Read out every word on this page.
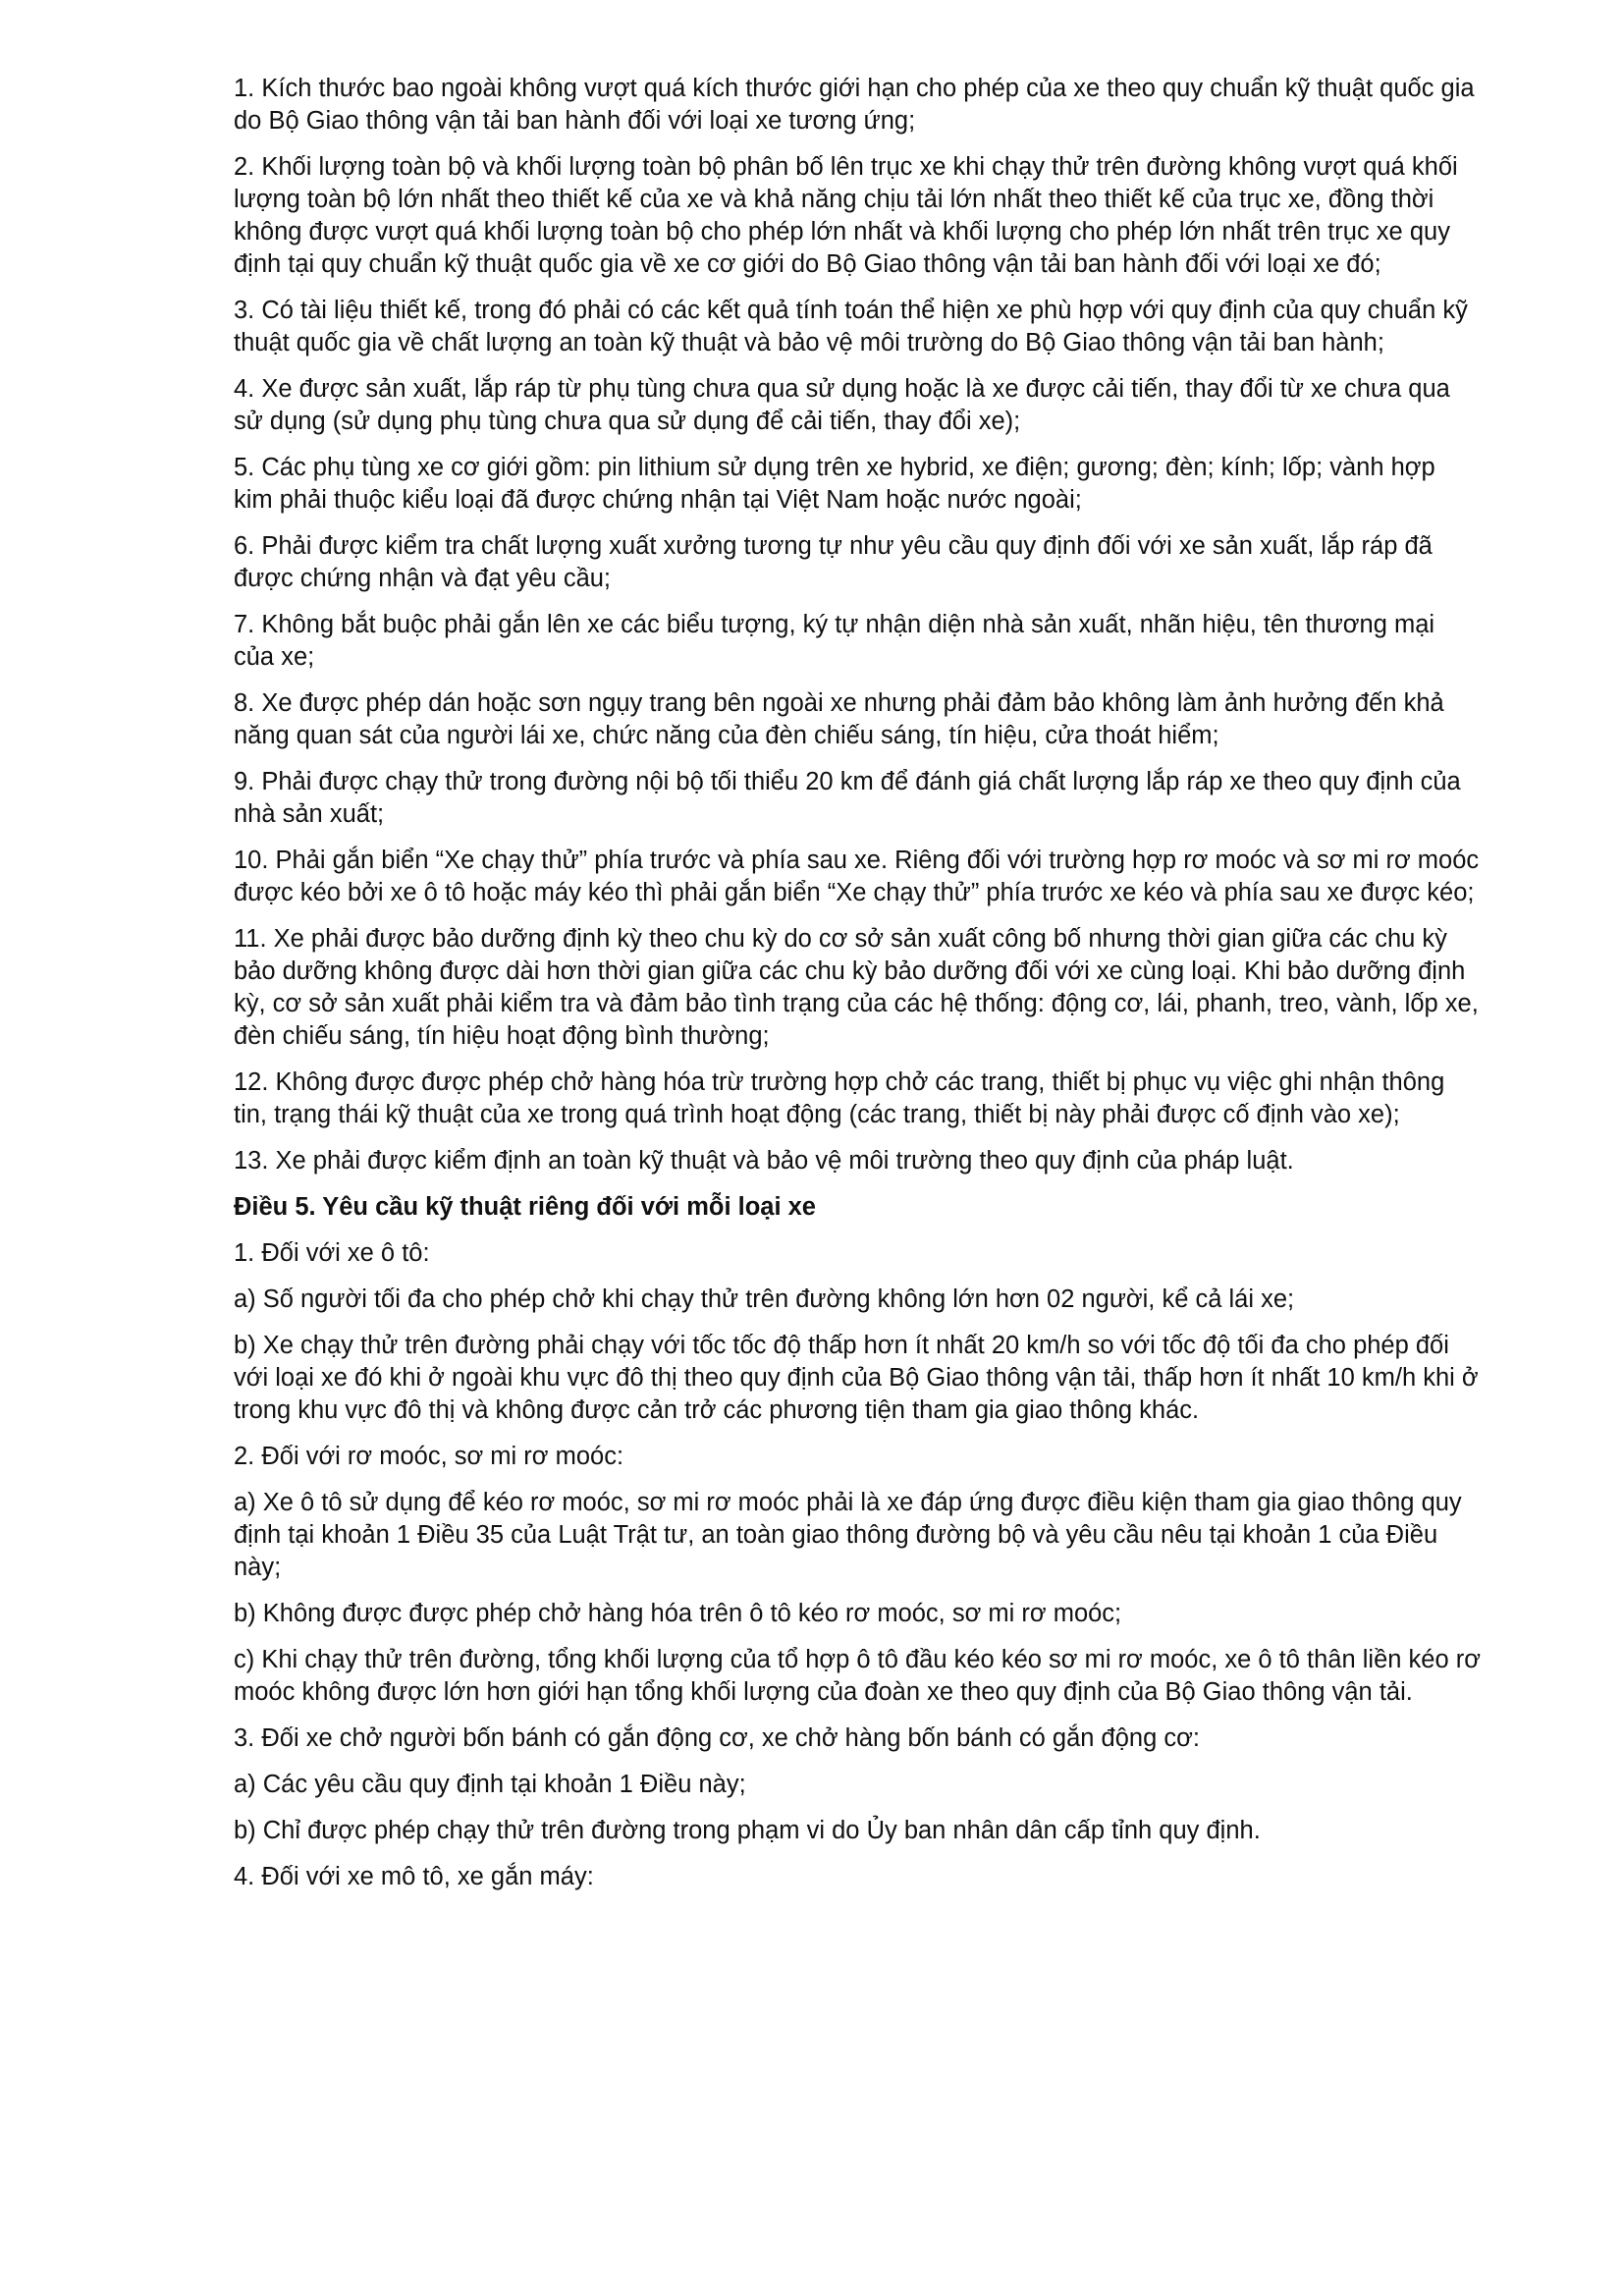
1. Kích thước bao ngoài không vượt quá kích thước giới hạn cho phép của xe theo quy chuẩn kỹ thuật quốc gia do Bộ Giao thông vận tải ban hành đối với loại xe tương ứng;

2. Khối lượng toàn bộ và khối lượng toàn bộ phân bố lên trục xe khi chạy thử trên đường không vượt quá khối lượng toàn bộ lớn nhất theo thiết kế của xe và khả năng chịu tải lớn nhất theo thiết kế của trục xe, đồng thời không được vượt quá khối lượng toàn bộ cho phép lớn nhất và khối lượng cho phép lớn nhất trên trục xe quy định tại quy chuẩn kỹ thuật quốc gia về xe cơ giới do Bộ Giao thông vận tải ban hành đối với loại xe đó;

3. Có tài liệu thiết kế, trong đó phải có các kết quả tính toán thể hiện xe phù hợp với quy định của quy chuẩn kỹ thuật quốc gia về chất lượng an toàn kỹ thuật và bảo vệ môi trường do Bộ Giao thông vận tải ban hành;

4. Xe được sản xuất, lắp ráp từ phụ tùng chưa qua sử dụng hoặc là xe được cải tiến, thay đổi từ xe chưa qua sử dụng (sử dụng phụ tùng chưa qua sử dụng để cải tiến, thay đổi xe);

5. Các phụ tùng xe cơ giới gồm: pin lithium sử dụng trên xe hybrid, xe điện; gương; đèn; kính; lốp; vành hợp kim phải thuộc kiểu loại đã được chứng nhận tại Việt Nam hoặc nước ngoài;

6. Phải được kiểm tra chất lượng xuất xưởng tương tự như yêu cầu quy định đối với xe sản xuất, lắp ráp đã được chứng nhận và đạt yêu cầu;

7. Không bắt buộc phải gắn lên xe các biểu tượng, ký tự nhận diện nhà sản xuất, nhãn hiệu, tên thương mại của xe;

8. Xe được phép dán hoặc sơn ngụy trang bên ngoài xe nhưng phải đảm bảo không làm ảnh hưởng đến khả năng quan sát của người lái xe, chức năng của đèn chiếu sáng, tín hiệu, cửa thoát hiểm;

9. Phải được chạy thử trong đường nội bộ tối thiểu 20 km để đánh giá chất lượng lắp ráp xe theo quy định của nhà sản xuất;

10. Phải gắn biển “Xe chạy thử” phía trước và phía sau xe. Riêng đối với trường hợp rơ moóc và sơ mi rơ moóc được kéo bởi xe ô tô hoặc máy kéo thì phải gắn biển “Xe chạy thử” phía trước xe kéo và phía sau xe được kéo;

11. Xe phải được bảo dưỡng định kỳ theo chu kỳ do cơ sở sản xuất công bố nhưng thời gian giữa các chu kỳ bảo dưỡng không được dài hơn thời gian giữa các chu kỳ bảo dưỡng đối với xe cùng loại. Khi bảo dưỡng định kỳ, cơ sở sản xuất phải kiểm tra và đảm bảo tình trạng của các hệ thống: động cơ, lái, phanh, treo, vành, lốp xe, đèn chiếu sáng, tín hiệu hoạt động bình thường;

12. Không được được phép chở hàng hóa trừ trường hợp chở các trang, thiết bị phục vụ việc ghi nhận thông tin, trạng thái kỹ thuật của xe trong quá trình hoạt động (các trang, thiết bị này phải được cố định vào xe);

13. Xe phải được kiểm định an toàn kỹ thuật và bảo vệ môi trường theo quy định của pháp luật.

Điều 5. Yêu cầu kỹ thuật riêng đối với mỗi loại xe

1. Đối với xe ô tô:

a) Số người tối đa cho phép chở khi chạy thử trên đường không lớn hơn 02 người, kể cả lái xe;

b) Xe chạy thử trên đường phải chạy với tốc tốc độ thấp hơn ít nhất 20 km/h so với tốc độ tối đa cho phép đối với loại xe đó khi ở ngoài khu vực đô thị theo quy định của Bộ Giao thông vận tải, thấp hơn ít nhất 10 km/h khi ở trong khu vực đô thị và không được cản trở các phương tiện tham gia giao thông khác.

2. Đối với rơ moóc, sơ mi rơ moóc:

a) Xe ô tô sử dụng để kéo rơ moóc, sơ mi rơ moóc phải là xe đáp ứng được điều kiện tham gia giao thông quy định tại khoản 1 Điều 35 của Luật Trật tư, an toàn giao thông đường bộ và yêu cầu nêu tại khoản 1 của Điều này;

b) Không được được phép chở hàng hóa trên ô tô kéo rơ moóc, sơ mi rơ moóc;

c) Khi chạy thử trên đường, tổng khối lượng của tổ hợp ô tô đầu kéo kéo sơ mi rơ moóc, xe ô tô thân liền kéo rơ moóc không được lớn hơn giới hạn tổng khối lượng của đoàn xe theo quy định của Bộ Giao thông vận tải.

3. Đối xe chở người bốn bánh có gắn động cơ, xe chở hàng bốn bánh có gắn động cơ:

a) Các yêu cầu quy định tại khoản 1 Điều này;

b) Chỉ được phép chạy thử trên đường trong phạm vi do Ủy ban nhân dân cấp tỉnh quy định.

4. Đối với xe mô tô, xe gắn máy:
